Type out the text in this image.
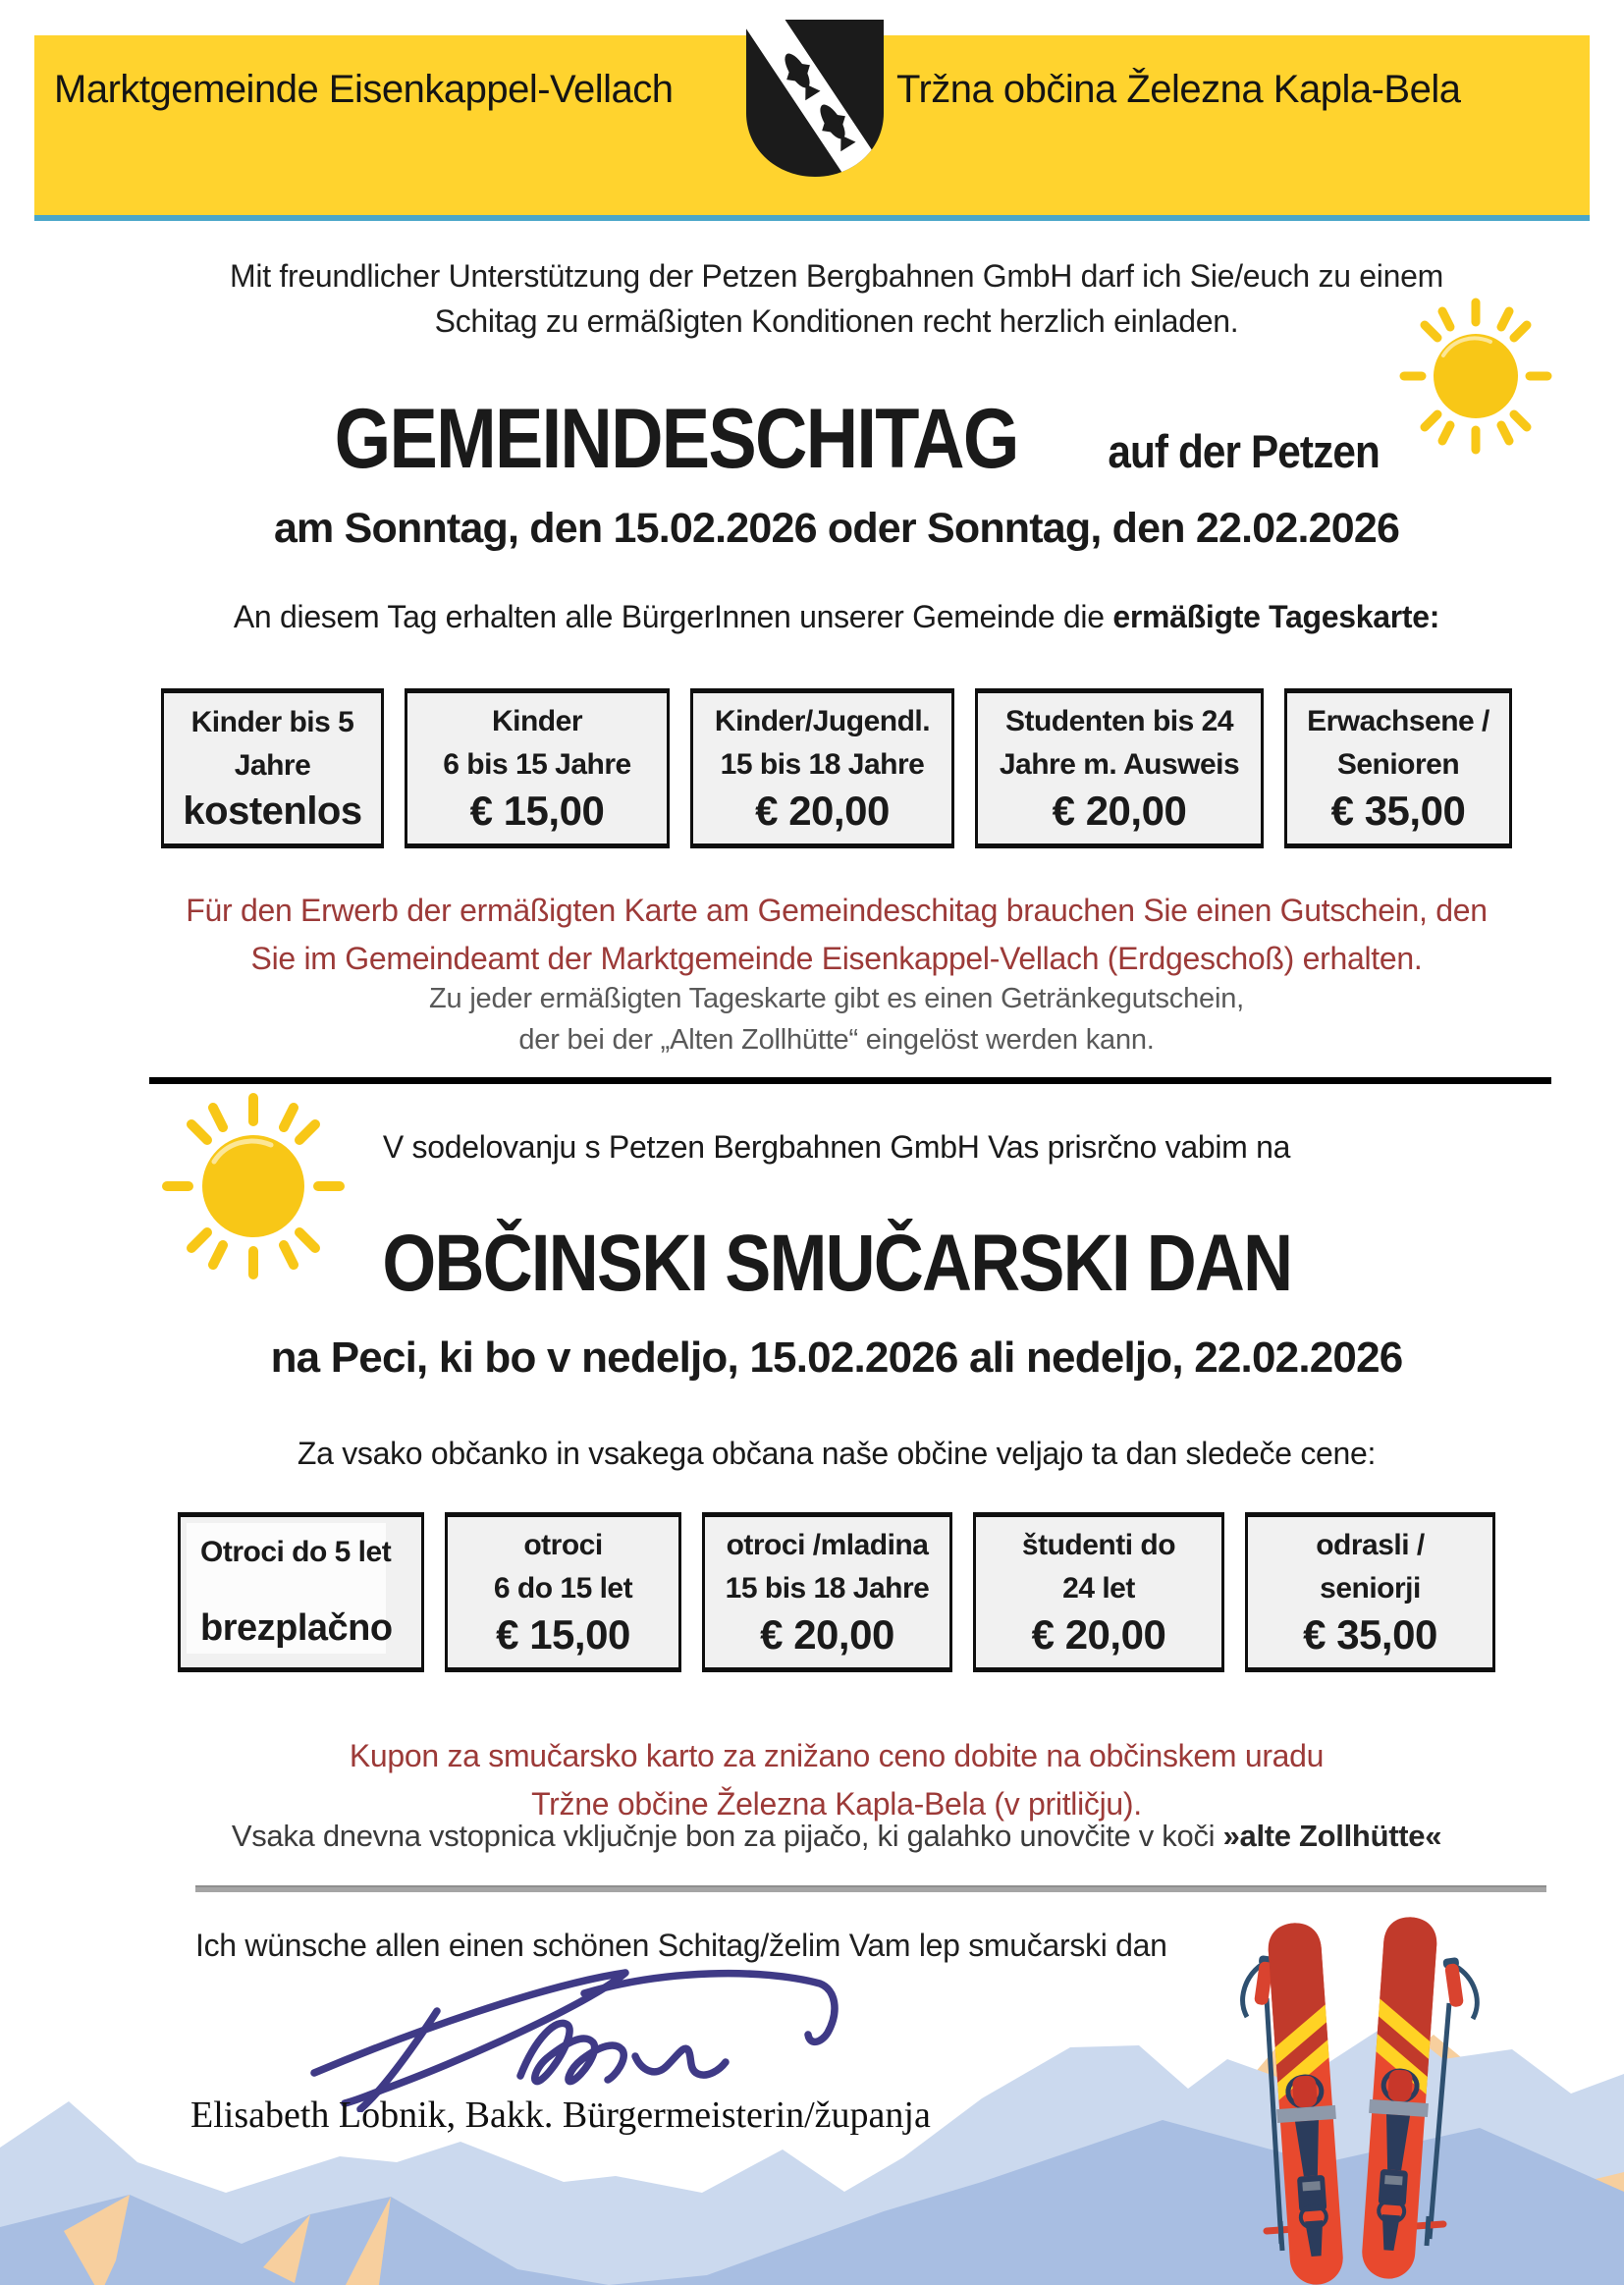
Marktgemeinde Eisenkappel-Vellach	Tržna občina Železna Kapla-Bela
Mit freundlicher Unterstützung der Petzen Bergbahnen GmbH darf ich Sie/euch zu einem
Schitag zu ermäßigten Konditionen recht herzlich einladen.
GEMEINDESCHITAG auf der Petzen
am Sonntag, den 15.02.2026 oder Sonntag, den 22.02.2026
An diesem Tag erhalten alle BürgerInnen unserer Gemeinde die ermäßigte Tageskarte:
Kinder bis 5
Jahre
kostenlos
Kinder
6 bis 15 Jahre
€ 15,00
Kinder/Jugendl.
15 bis 18 Jahre
€ 20,00
Studenten bis 24
Jahre m. Ausweis
€ 20,00
Erwachsene /
Senioren
€ 35,00
Für den Erwerb der ermäßigten Karte am Gemeindeschitag brauchen Sie einen Gutschein, den
Sie im Gemeindeamt der Marktgemeinde Eisenkappel-Vellach (Erdgeschoß) erhalten.
Zu jeder ermäßigten Tageskarte gibt es einen Getränkegutschein,
der bei der „Alten Zollhütte“ eingelöst werden kann.
V sodelovanju s Petzen Bergbahnen GmbH Vas prisrčno vabim na
OBČINSKI SMUČARSKI DAN
na Peci, ki bo v nedeljo, 15.02.2026 ali nedeljo, 22.02.2026
Za vsako občanko in vsakega občana naše občine veljajo ta dan sledeče cene:
Otroci do 5 let
brezplačno
otroci
6 do 15 let
€ 15,00
otroci /mladina
15 bis 18 Jahre
€ 20,00
študenti do
24 let
€ 20,00
odrasli /
seniorji
€ 35,00
Kupon za smučarsko karto za znižano ceno dobite na občinskem uradu
Tržne občine Železna Kapla-Bela (v pritličju).
Vsaka dnevna vstopnica vključnje bon za pijačo, ki galahko unovčite v koči »alte Zollhütte«
Ich wünsche allen einen schönen Schitag/želim Vam lep smučarski dan
Elisabeth Lobnik, Bakk. Bürgermeisterin/županja
